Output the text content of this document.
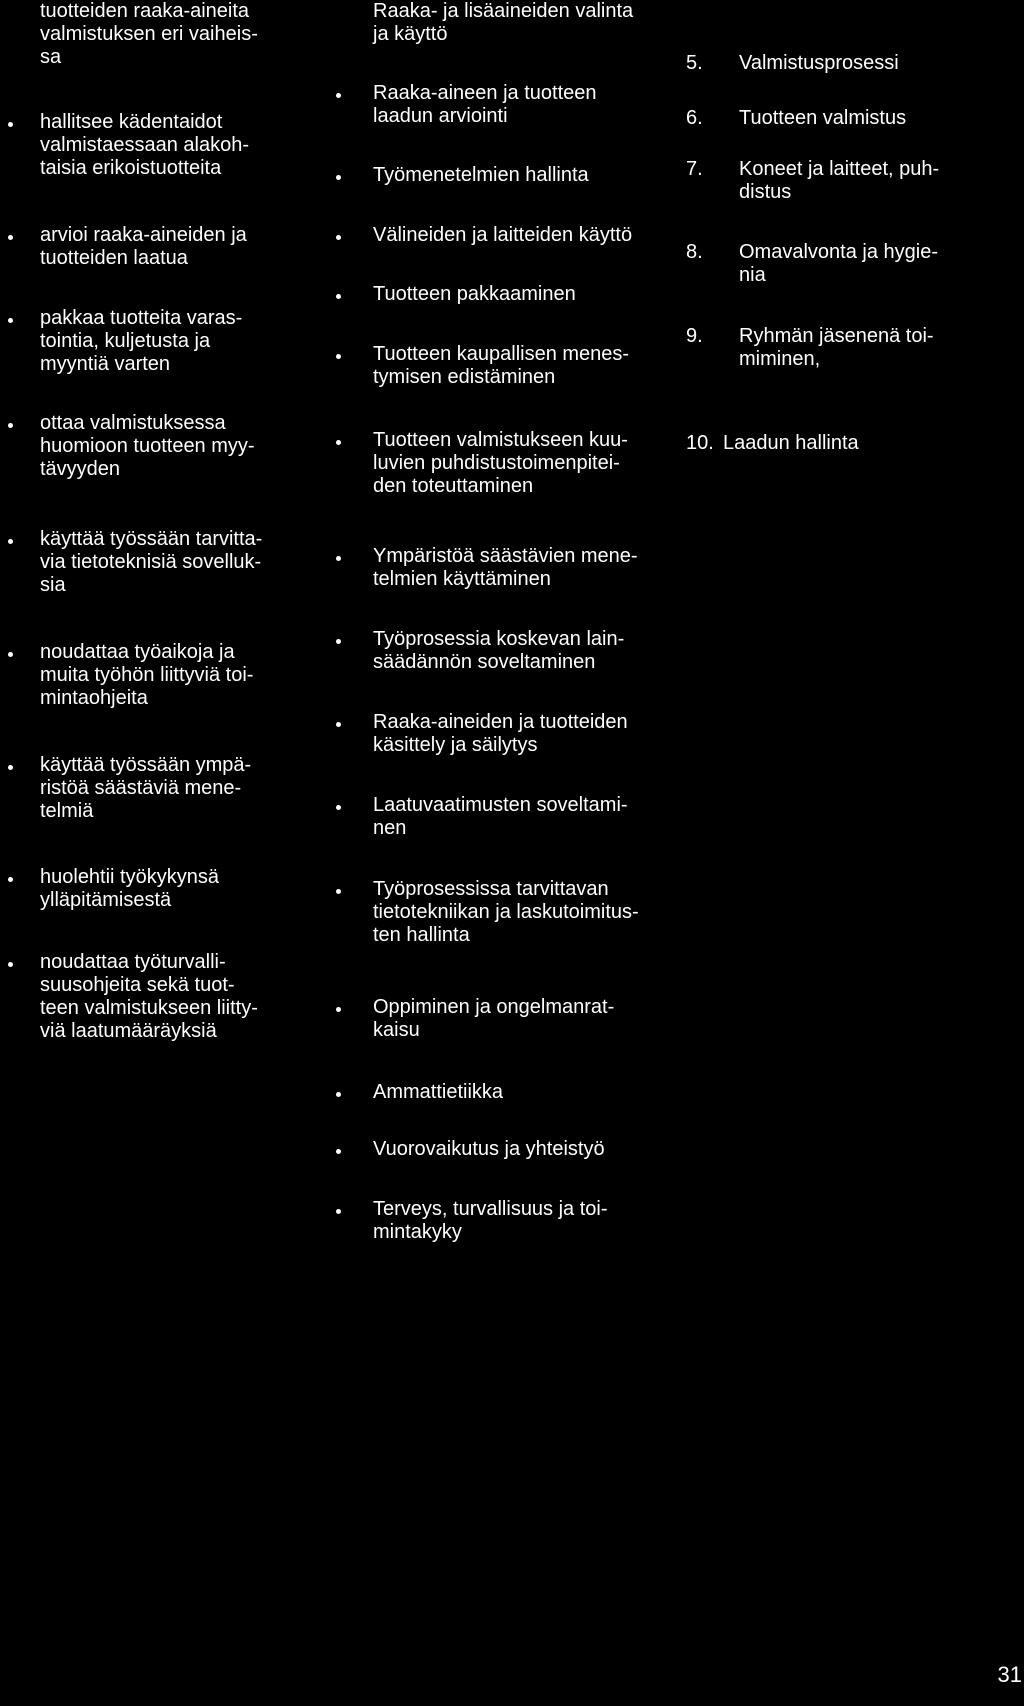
tuotteiden raaka-aineita
valmistuksen eri vaiheis-
sa
hallitsee kädentaidot
valmistaessaan alakoh-
taisia erikoistuotteita
arvioi raaka-aineiden ja
tuotteiden laatua
pakkaa tuotteita varas-
tointia, kuljetusta ja
myyntiä varten
ottaa valmistuksessa
huomioon tuotteen myy-
tävyyden
käyttää työssään tarvitta-
via tietoteknisiä sovelluk-
sia
noudattaa työaikoja ja
muita työhön liittyviä toi-
mintaohjeita
käyttää työssään ympä-
ristöä säästäviä mene-
telmiä
huolehtii työkykynsä
ylläpitämisestä
noudattaa työturvalli-
suusohjeita sekä tuot-
teen valmistukseen liitty-
viä laatumääräyksiä
Raaka- ja lisäaineiden valinta
ja käyttö
Raaka-aineen ja tuotteen
laadun arviointi
Työmenetelmien hallinta
Välineiden ja laitteiden käyttö
Tuotteen pakkaaminen
Tuotteen kaupallisen menes-
tymisen edistäminen
Tuotteen valmistukseen kuu-
luvien puhdistustoimenpitei-
den toteuttaminen
Ympäristöä säästävien mene-
telmien käyttäminen
Työprosessia koskevan lain-
säädännön soveltaminen
Raaka-aineiden ja tuotteiden
käsittely ja säilytys
Laatuvaatimusten soveltami-
nen
Työprosessissa tarvittavan
tietotekniikan ja laskutoimitus-
ten hallinta
Oppiminen ja ongelmanrat-
kaisu
Ammattietiikka
Vuorovaikutus ja yhteistyö
Terveys, turvallisuus ja toi-
mintakyky
5. Valmistusprosessi
6. Tuotteen valmistus
7. Koneet ja laitteet, puh-
distus
8. Omavalvonta ja hygie-
nia
9. Ryhmän jäsenenä toi-
miminen,
10. Laadun hallinta
31
